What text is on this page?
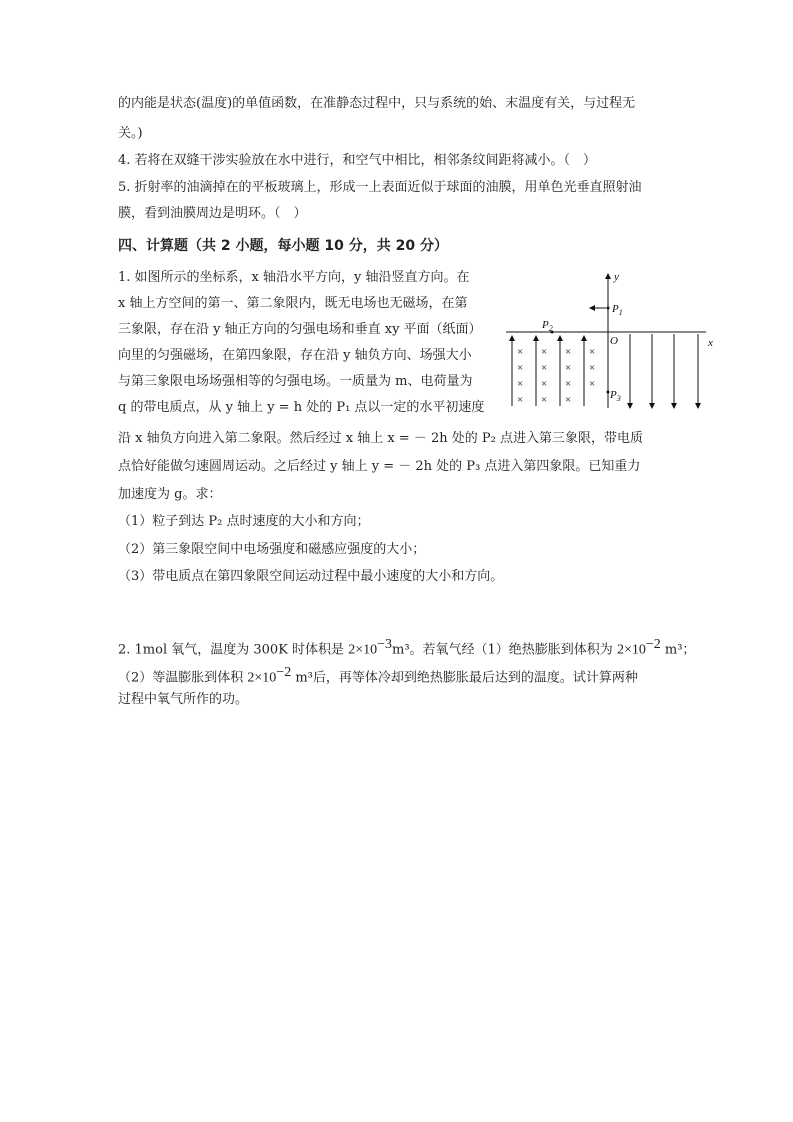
的内能是状态(温度)的单值函数，在准静态过程中，只与系统的始、末温度有关，与过程无
关。)
4. 若将在双缝干涉实验放在水中进行，和空气中相比，相邻条纹间距将减小。（　）
5. 折射率的油滴掉在的平板玻璃上，形成一上表面近似于球面的油膜，用单色光垂直照射油
膜，看到油膜周边是明环。（　）
四、计算题（共 2 小题，每小题 10 分，共 20 分）
1. 如图所示的坐标系，x 轴沿水平方向，y 轴沿竖直方向。在
x 轴上方空间的第一、第二象限内，既无电场也无磁场，在第
三象限，存在沿 y 轴正方向的匀强电场和垂直 xy 平面（纸面）
向里的匀强磁场，在第四象限，存在沿 y 轴负方向、场强大小
与第三象限电场场强相等的匀强电场。一质量为 m、电荷量为
q 的带电质点，从 y 轴上 y = h 处的 P₁ 点以一定的水平初速度
沿 x 轴负方向进入第二象限。然后经过 x 轴上 x = － 2h 处的 P₂ 点进入第三象限，带电质
点恰好能做匀速圆周运动。之后经过 y 轴上 y = － 2h 处的 P₃ 点进入第四象限。已知重力
加速度为 g。求：
（1）粒子到达 P₂ 点时速度的大小和方向；
（2）第三象限空间中电场强度和磁感应强度的大小；
（3）带电质点在第四象限空间运动过程中最小速度的大小和方向。
y
x
O
$P_1$
$P_2$
$P_3$
× × × ×
× × × ×
× × × ×
× × ×
2. 1mol 氧气，温度为 300K 时体积是 $2\times 10^{-3}m^3$。若氧气经（1）绝热膨胀到体积为 $2\times 10^{-2}$ m³；
（2）等温膨胀到体积 $2\times 10^{-2}$ m³后，再等体冷却到绝热膨胀最后达到的温度。试计算两种
过程中氧气所作的功。
